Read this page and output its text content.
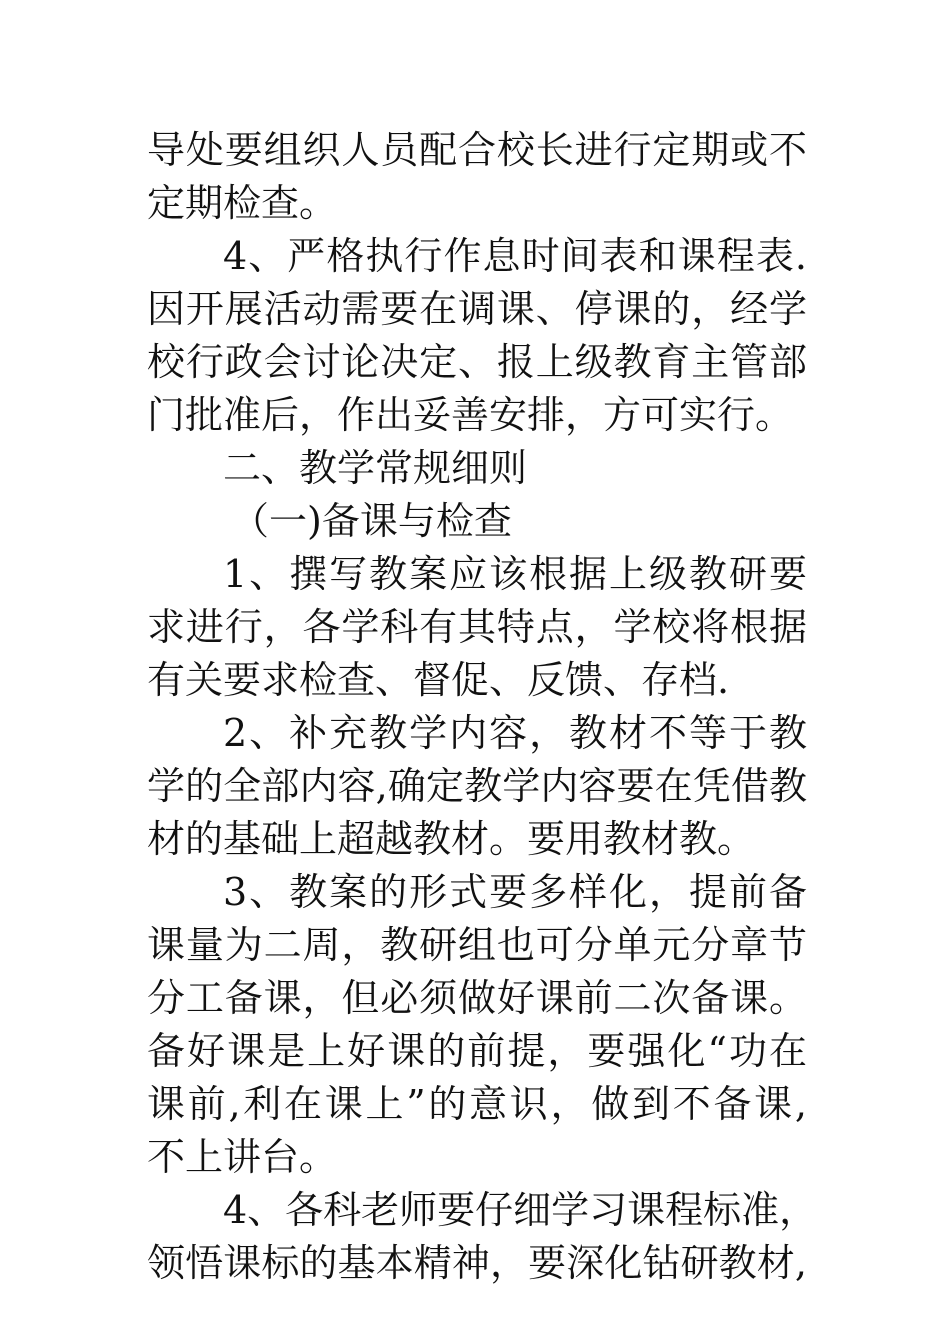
导处要组织人员配合校长进行定期或不
定期检查。
4、严格执行作息时间表和课程表.
因开展活动需要在调课、停课的，经学
校行政会讨论决定、报上级教育主管部
门批准后，作出妥善安排，方可实行。
二、教学常规细则
（一)备课与检查
1、撰写教案应该根据上级教研要
求进行，各学科有其特点，学校将根据
有关要求检查、督促、反馈、存档.
2、补充教学内容，教材不等于教
学的全部内容,确定教学内容要在凭借教
材的基础上超越教材。要用教材教。
3、教案的形式要多样化，提前备
课量为二周，教研组也可分单元分章节
分工备课，但必须做好课前二次备课。
备好课是上好课的前提，要强化“功在
课前,利在课上”的意识，做到不备课,
不上讲台。
4、各科老师要仔细学习课程标准，
领悟课标的基本精神，要深化钻研教材,
